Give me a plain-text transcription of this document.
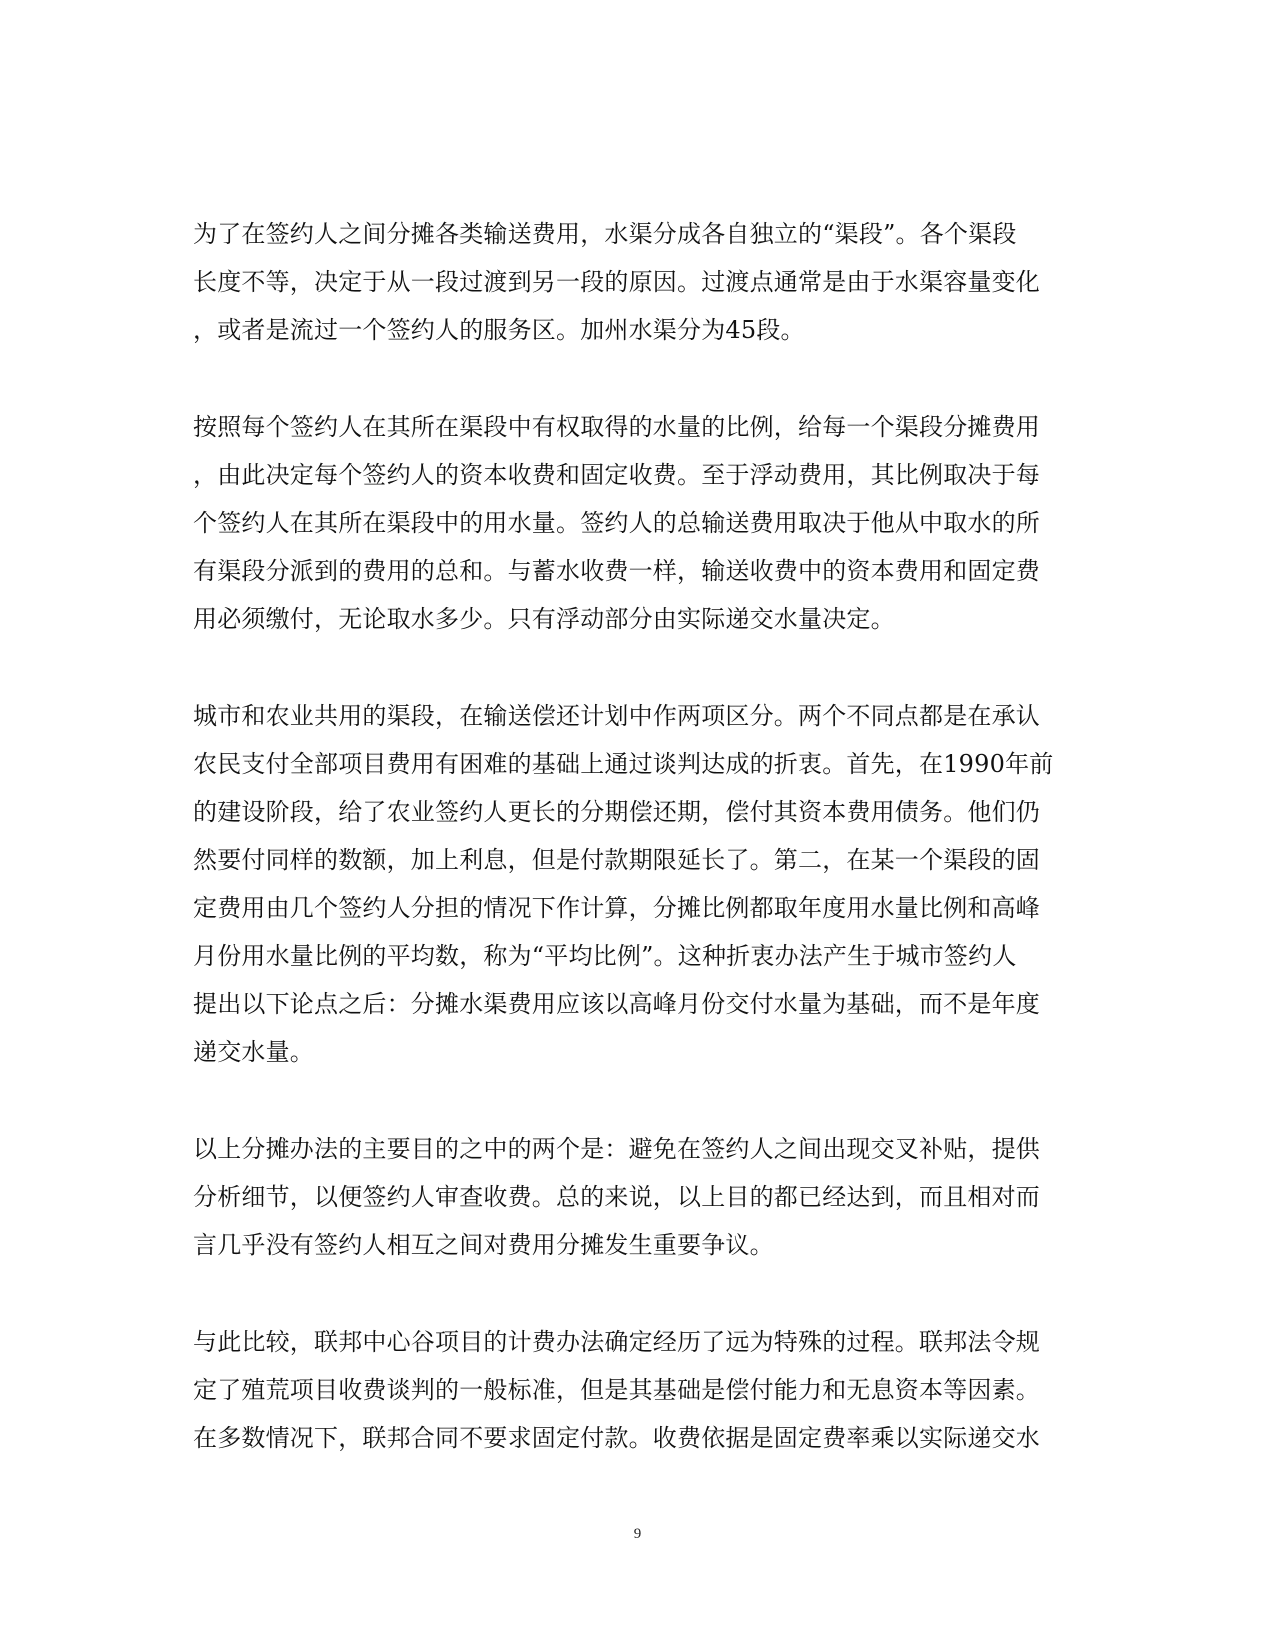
为了在签约人之间分摊各类输送费用，水渠分成各自独立的“渠段”。各个渠段
长度不等，决定于从一段过渡到另一段的原因。过渡点通常是由于水渠容量变化
，或者是流过一个签约人的服务区。加州水渠分为45段。
按照每个签约人在其所在渠段中有权取得的水量的比例，给每一个渠段分摊费用
，由此决定每个签约人的资本收费和固定收费。至于浮动费用，其比例取决于每
个签约人在其所在渠段中的用水量。签约人的总输送费用取决于他从中取水的所
有渠段分派到的费用的总和。与蓄水收费一样，输送收费中的资本费用和固定费
用必须缴付，无论取水多少。只有浮动部分由实际递交水量决定。
城市和农业共用的渠段，在输送偿还计划中作两项区分。两个不同点都是在承认
农民支付全部项目费用有困难的基础上通过谈判达成的折衷。首先，在1990年前
的建设阶段，给了农业签约人更长的分期偿还期，偿付其资本费用债务。他们仍
然要付同样的数额，加上利息，但是付款期限延长了。第二，在某一个渠段的固
定费用由几个签约人分担的情况下作计算，分摊比例都取年度用水量比例和高峰
月份用水量比例的平均数，称为“平均比例”。这种折衷办法产生于城市签约人
提出以下论点之后：分摊水渠费用应该以高峰月份交付水量为基础，而不是年度
递交水量。
以上分摊办法的主要目的之中的两个是：避免在签约人之间出现交叉补贴，提供
分析细节，以便签约人审查收费。总的来说，以上目的都已经达到，而且相对而
言几乎没有签约人相互之间对费用分摊发生重要争议。
与此比较，联邦中心谷项目的计费办法确定经历了远为特殊的过程。联邦法令规
定了殖荒项目收费谈判的一般标准，但是其基础是偿付能力和无息资本等因素。
在多数情况下，联邦合同不要求固定付款。收费依据是固定费率乘以实际递交水
9
